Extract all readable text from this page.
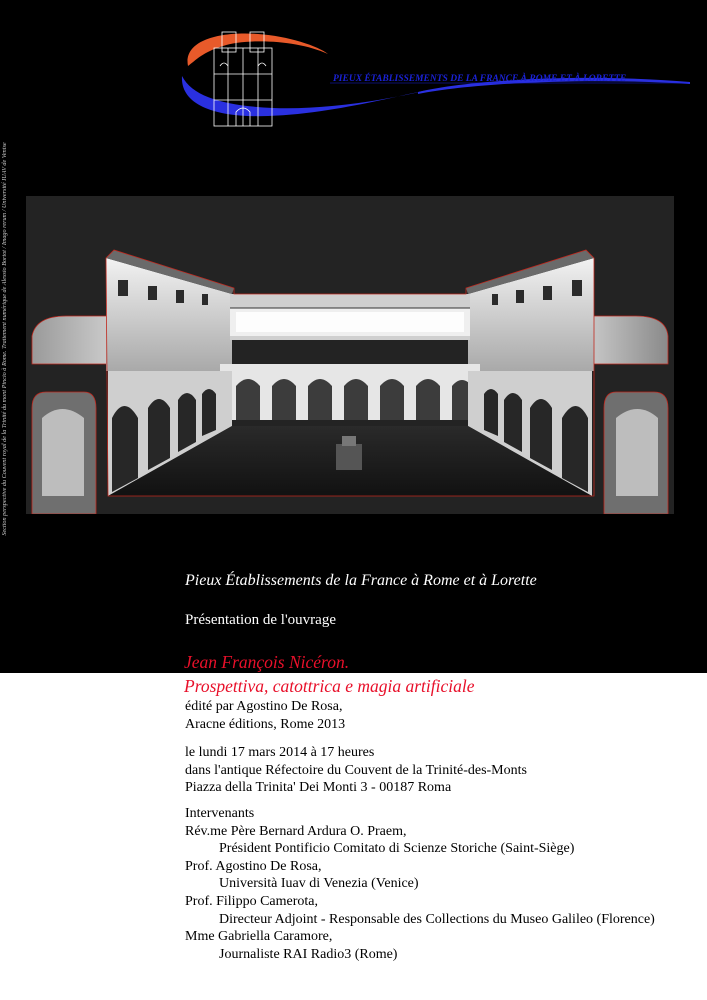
PIEUX ÉTABLISSEMENTS DE LA FRANCE À ROME ET À LORETTE
Section perspective du Couvent royal de la Trinité du mont Pincio à Rome. Traitement numérique de Alessio Bortot / Imago rerum / Université IUAV de Venise
Pieux Établissements de la France à Rome et à Lorette
Présentation de l'ouvrage
Jean François Nicéron.
Prospettiva, catottrica e magia artificiale
édité par Agostino De Rosa,
Aracne éditions, Rome 2013
le lundi 17 mars 2014 à 17 heures
dans l'antique Réfectoire du Couvent de la Trinité-des-Monts
Piazza della Trinita' Dei Monti 3 - 00187 Roma
Intervenants
Rév.me Père Bernard Ardura O. Praem,
Président Pontificio Comitato di Scienze Storiche (Saint-Siège)
Prof. Agostino De Rosa,
Università Iuav di Venezia (Venice)
Prof. Filippo Camerota,
Directeur Adjoint - Responsable des Collections du Museo Galileo (Florence)
Mme Gabriella Caramore,
Journaliste RAI Radio3 (Rome)
